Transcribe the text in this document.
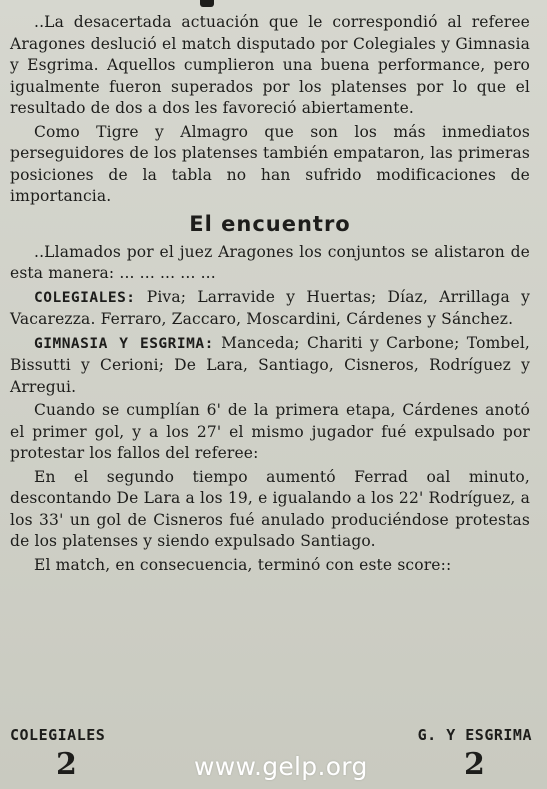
..La desacertada actuación que le correspondió al referee Aragones deslució el match disputado por Colegiales y Gimnasia y Esgrima. Aquellos cumplieron una buena performance, pero igualmente fueron superados por los platenses por lo que el resultado de dos a dos les favoreció abiertamente.

Como Tigre y Almagro que son los más inmediatos perseguidores de los platenses también empataron, las primeras posiciones de la tabla no han sufrido modificaciones de importancia.

El encuentro

..Llamados por el juez Aragones los conjuntos se alistaron de esta manera: ... ... ... ... ...

COLEGIALES: Piva; Larravide y Huertas; Díaz, Arrillaga y Vacarezza. Ferraro, Zaccaro, Moscardini, Cárdenes y Sánchez.

GIMNASIA Y ESGRIMA: Manceda; Chariti y Carbone; Tombel, Bissutti y Cerioni; De Lara, Santiago, Cisneros, Rodríguez y Arregui.

Cuando se cumplían 6' de la primera etapa, Cárdenes anotó el primer gol, y a los 27' el mismo jugador fué expulsado por protestar los fallos del referee:

En el segundo tiempo aumentó Ferrad oal minuto, descontando De Lara a los 19, e igualando a los 22' Rodríguez, a los 33' un gol de Cisneros fué anulado produciéndose protestas de los platenses y siendo expulsado Santiago.

El match, en consecuencia, terminó con este score::

COLEGIALES	G. Y ESGRIMA
2	2
www.gelp.org
